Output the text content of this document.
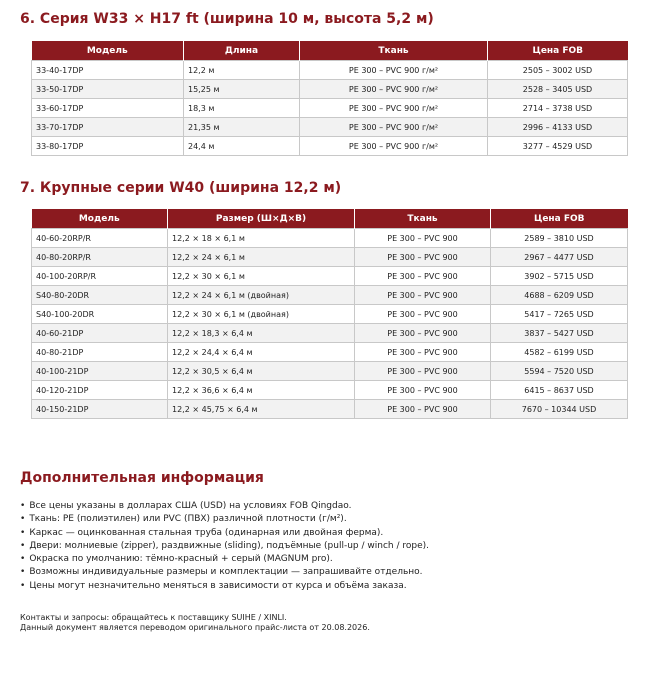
6. Серия W33 × H17 ft (ширина 10 м, высота 5,2 м)
Модель	Длина	Ткань	Цена FOB
33-40-17DP	12,2 м	PE 300 – PVC 900 г/м²	2505 – 3002 USD
33-50-17DP	15,25 м	PE 300 – PVC 900 г/м²	2528 – 3405 USD
33-60-17DP	18,3 м	PE 300 – PVC 900 г/м²	2714 – 3738 USD
33-70-17DP	21,35 м	PE 300 – PVC 900 г/м²	2996 – 4133 USD
33-80-17DP	24,4 м	PE 300 – PVC 900 г/м²	3277 – 4529 USD
7. Крупные серии W40 (ширина 12,2 м)
Модель	Размер (Ш×Д×В)	Ткань	Цена FOB
40-60-20RP/R	12,2 × 18 × 6,1 м	PE 300 – PVC 900	2589 – 3810 USD
40-80-20RP/R	12,2 × 24 × 6,1 м	PE 300 – PVC 900	2967 – 4477 USD
40-100-20RP/R	12,2 × 30 × 6,1 м	PE 300 – PVC 900	3902 – 5715 USD
S40-80-20DR	12,2 × 24 × 6,1 м (двойная)	PE 300 – PVC 900	4688 – 6209 USD
S40-100-20DR	12,2 × 30 × 6,1 м (двойная)	PE 300 – PVC 900	5417 – 7265 USD
40-60-21DP	12,2 × 18,3 × 6,4 м	PE 300 – PVC 900	3837 – 5427 USD
40-80-21DP	12,2 × 24,4 × 6,4 м	PE 300 – PVC 900	4582 – 6199 USD
40-100-21DP	12,2 × 30,5 × 6,4 м	PE 300 – PVC 900	5594 – 7520 USD
40-120-21DP	12,2 × 36,6 × 6,4 м	PE 300 – PVC 900	6415 – 8637 USD
40-150-21DP	12,2 × 45,75 × 6,4 м	PE 300 – PVC 900	7670 – 10344 USD
Дополнительная информация
• Все цены указаны в долларах США (USD) на условиях FOB Qingdao.
• Ткань: PE (полиэтилен) или PVC (ПВХ) различной плотности (г/м²).
• Каркас — оцинкованная стальная труба (одинарная или двойная ферма).
• Двери: молниевые (zipper), раздвижные (sliding), подъёмные (pull-up / winch / rope).
• Окраска по умолчанию: тёмно-красный + серый (MAGNUM pro).
• Возможны индивидуальные размеры и комплектации — запрашивайте отдельно.
• Цены могут незначительно меняться в зависимости от курса и объёма заказа.
Контакты и запросы: обращайтесь к поставщику SUIHE / XINLI.
Данный документ является переводом оригинального прайс-листа от 20.08.2026.
